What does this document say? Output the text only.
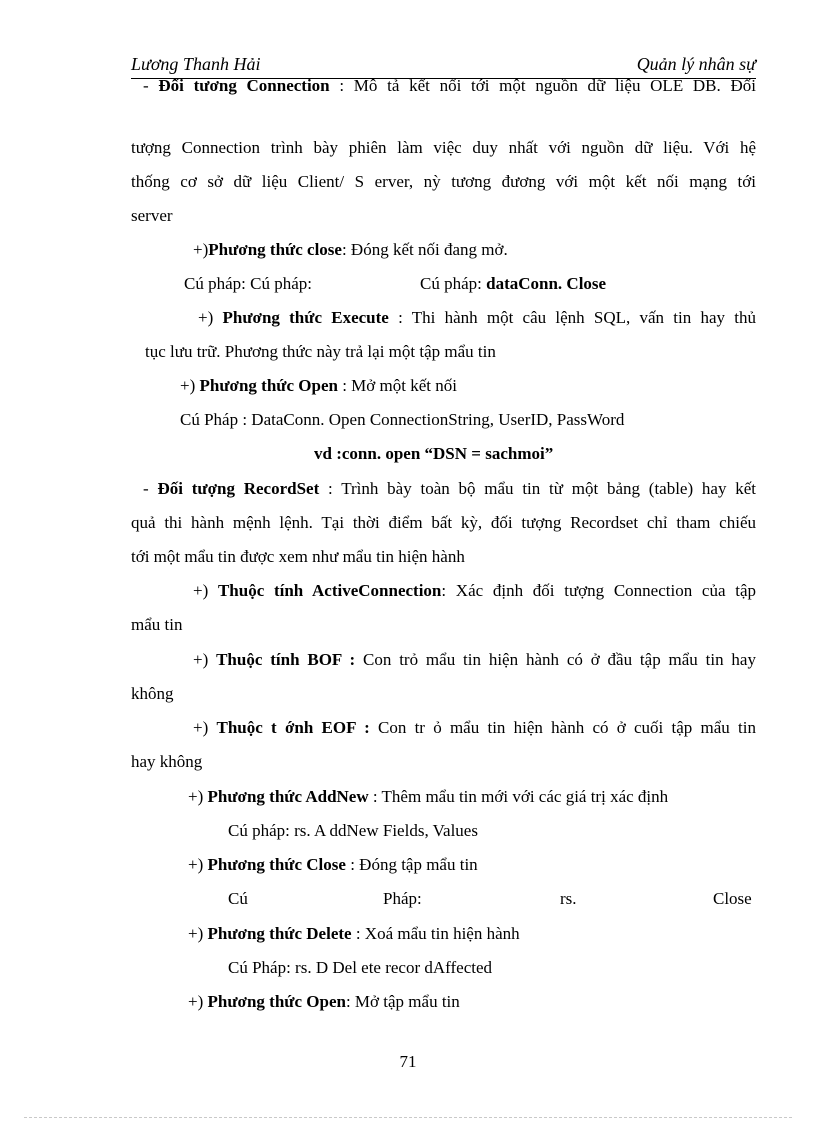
Lương Thanh Hải	Quản lý nhân sự
- Đối tương Connection : Mô tả kết nối tới một nguồn dữ liệu OLE DB. Đối
tượng Connection trình bày phiên làm việc duy nhất với nguồn dữ liệu. Với hệ
thống cơ sở dữ liệu Client/ S erver, nỳ tương đương với một kết nối mạng tới
server
+)Phương thức close: Đóng kết nối đang mở.
Cú pháp: Cú pháp:	Cú pháp: dataConn. Close
+) Phương thức Execute : Thi hành một câu lệnh SQL, vấn tin hay thủ
tục lưu trữ. Phương thức này trả lại một tập mẩu tin
+) Phương thức Open : Mở một kết nối
Cú Pháp : DataConn. Open ConnectionString, UserID, PassWord
vd :conn. open “DSN = sachmoi”
- Đối tượng RecordSet : Trình bày toàn bộ mẩu tin từ một bảng (table) hay kết
quả thi hành mệnh lệnh. Tại thời điểm bất kỳ, đối tượng Recordset chỉ tham chiếu
tới một mẩu tin được xem như mẩu tin hiện hành
+) Thuộc tính ActiveConnection: Xác định đối tượng Connection của tập
mẩu tin
+) Thuộc tính BOF : Con trỏ mẩu tin hiện hành có ở đầu tập mẩu tin hay
không
+) Thuộc t ớnh EOF : Con tr ỏ mẩu tin hiện hành có ở cuối tập mẩu tin
hay không
+) Phương thức AddNew : Thêm mẩu tin mới với các giá trị xác định
Cú pháp: rs. A ddNew Fields, Values
+) Phương thức Close : Đóng tập mẩu tin
Cú	Pháp:	rs.	Close
+) Phương thức Delete : Xoá mẩu tin hiện hành
Cú Pháp: rs. D Del ete recor dAffected
+) Phương thức Open: Mở tập mẩu tin
71
